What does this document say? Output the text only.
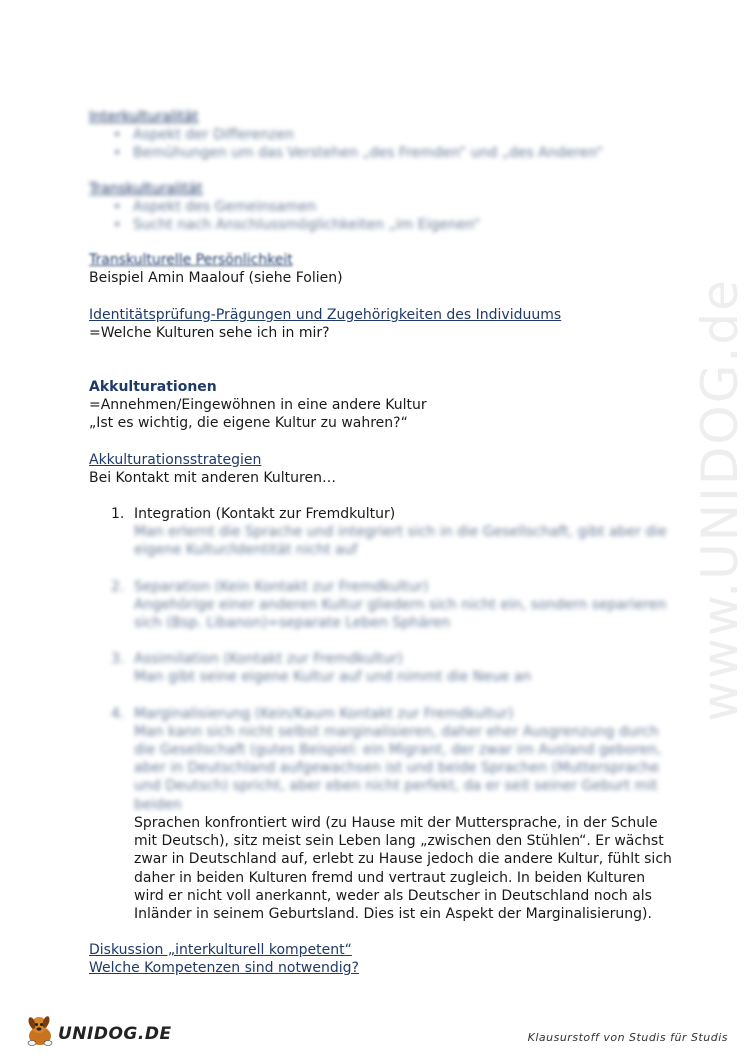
www.UNIDOG.de
Interkulturalität
• Aspekt der Differenzen
• Bemühungen um das Verstehen „des Fremden“ und „des Anderen“
Transkulturalität
• Aspekt des Gemeinsamen
• Sucht nach Anschlussmöglichkeiten „im Eigenen“
Transkulturelle Persönlichkeit
Beispiel Amin Maalouf (siehe Folien)
Identitätsprüfung-Prägungen und Zugehörigkeiten des Individuums
=Welche Kulturen sehe ich in mir?
Akkulturationen
=Annehmen/Eingewöhnen in eine andere Kultur
„Ist es wichtig, die eigene Kultur zu wahren?“
Akkulturationsstrategien
Bei Kontakt mit anderen Kulturen…
1. Integration (Kontakt zur Fremdkultur)
Man erlernt die Sprache und integriert sich in die Gesellschaft, gibt aber die eigene Kultur/Identität nicht auf
2. Separation (Kein Kontakt zur Fremdkultur)
Angehörige einer anderen Kultur gliedern sich nicht ein, sondern separieren sich (Bsp. Libanon)=separate Leben Sphären
3. Assimilation (Kontakt zur Fremdkultur)
Man gibt seine eigene Kultur auf und nimmt die Neue an
4. Marginalisierung (Kein/Kaum Kontakt zur Fremdkultur)
Man kann sich nicht selbst marginalisieren, daher eher Ausgrenzung durch die Gesellschaft (gutes Beispiel: ein Migrant, der zwar im Ausland geboren, aber in Deutschland aufgewachsen ist und beide Sprachen (Muttersprache und Deutsch) spricht, aber eben nicht perfekt, da er seit seiner Geburt mit beiden
Sprachen konfrontiert wird (zu Hause mit der Muttersprache, in der Schule mit Deutsch), sitz meist sein Leben lang „zwischen den Stühlen“. Er wächst zwar in Deutschland auf, erlebt zu Hause jedoch die andere Kultur, fühlt sich daher in beiden Kulturen fremd und vertraut zugleich. In beiden Kulturen wird er nicht voll anerkannt, weder als Deutscher in Deutschland noch als Inländer in seinem Geburtsland. Dies ist ein Aspekt der Marginalisierung).
Diskussion „interkulturell kompetent“
Welche Kompetenzen sind notwendig?
UNIDOG.DE	Klausurstoff von Studis für Studis
